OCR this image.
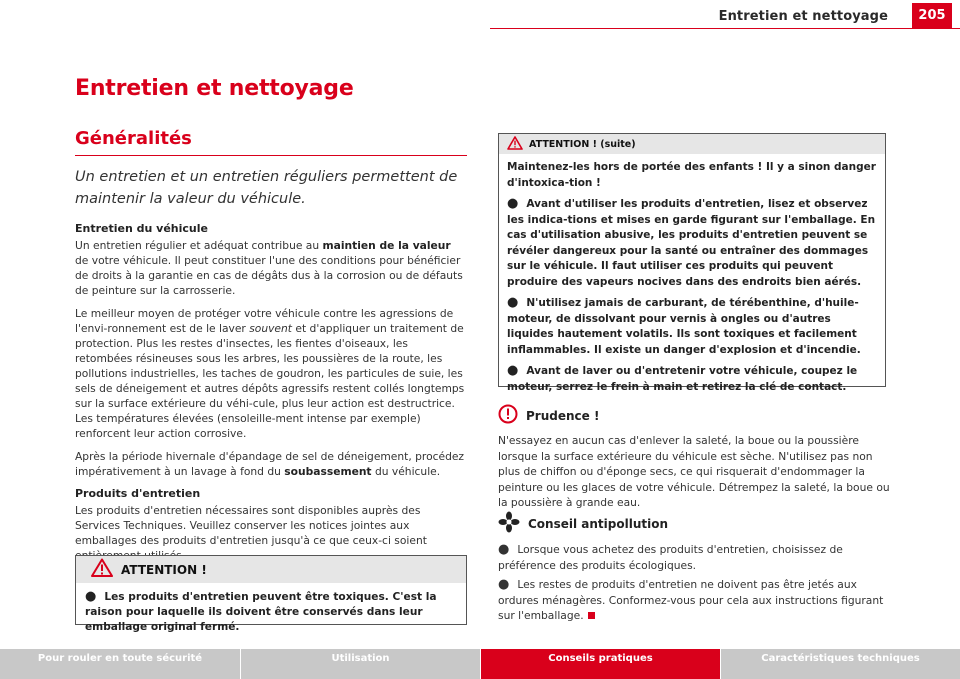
Entretien et nettoyage	205
Entretien et nettoyage
Généralités
Un entretien et un entretien réguliers permettent de maintenir la valeur du véhicule.
Entretien du véhicule
Un entretien régulier et adéquat contribue au maintien de la valeur de votre véhicule. Il peut constituer l'une des conditions pour bénéficier de droits à la garantie en cas de dégâts dus à la corrosion ou de défauts de peinture sur la carrosserie.
Le meilleur moyen de protéger votre véhicule contre les agressions de l'envi-ronnement est de le laver souvent et d'appliquer un traitement de protection. Plus les restes d'insectes, les fientes d'oiseaux, les retombées résineuses sous les arbres, les poussières de la route, les pollutions industrielles, les taches de goudron, les particules de suie, les sels de déneigement et autres dépôts agressifs restent collés longtemps sur la surface extérieure du véhi-cule, plus leur action est destructrice. Les températures élevées (ensoleille-ment intense par exemple) renforcent leur action corrosive.
Après la période hivernale d'épandage de sel de déneigement, procédez impérativement à un lavage à fond du soubassement du véhicule.
Produits d'entretien
Les produits d'entretien nécessaires sont disponibles auprès des Services Techniques. Veuillez conserver les notices jointes aux emballages des produits d'entretien jusqu'à ce que ceux-ci soient
ATTENTION !
● Les produits d'entretien peuvent être toxiques. C'est la raison pour laquelle ils doivent être conservés dans leur emballage original fermé.
ATTENTION ! (suite)

Maintenez-les hors de portée des enfants ! Il y a sinon danger d'intoxica-tion !

● Avant d'utiliser les produits d'entretien, lisez et observez les indica-tions et mises en garde figurant sur l'emballage. En cas d'utilisation abusive, les produits d'entretien peuvent se révéler dangereux pour la santé ou entraîner des dommages sur le véhicule. Il faut utiliser ces produits qui peuvent produire des vapeurs nocives dans des endroits bien aérés.

● N'utilisez jamais de carburant, de térébenthine, d'huile-moteur, de dissolvant pour vernis à ongles ou d'autres liquides hautement volatils. Ils sont toxiques et facilement inflammables. Il existe un danger d'explosion et d'incendie.

● Avant de laver ou d'entretenir votre véhicule, coupez le moteur, serrez le frein à main et retirez la clé de contact.

Prudence !
N'essayez en aucun cas d'enlever la saleté, la boue ou la poussière lorsque la surface extérieure du véhicule est sèche. N'utilisez pas non plus de chiffon ou d'éponge secs, ce qui risquerait d'endommager la peinture ou les glaces de votre véhicule. Détrempez la saleté, la boue ou la poussière à grande eau.
Conseil antipollution

● Lorsque vous achetez des produits d'entretien, choisissez de préférence des produits écologiques.

● Les restes de produits d'entretien ne doivent pas être jetés aux ordures ménagères. Conformez-vous pour cela aux instructions figurant sur l'emballage.

Pour rouler en toute sécurité	Utilisation	Conseils pratiques	Caractéristiques techniques
